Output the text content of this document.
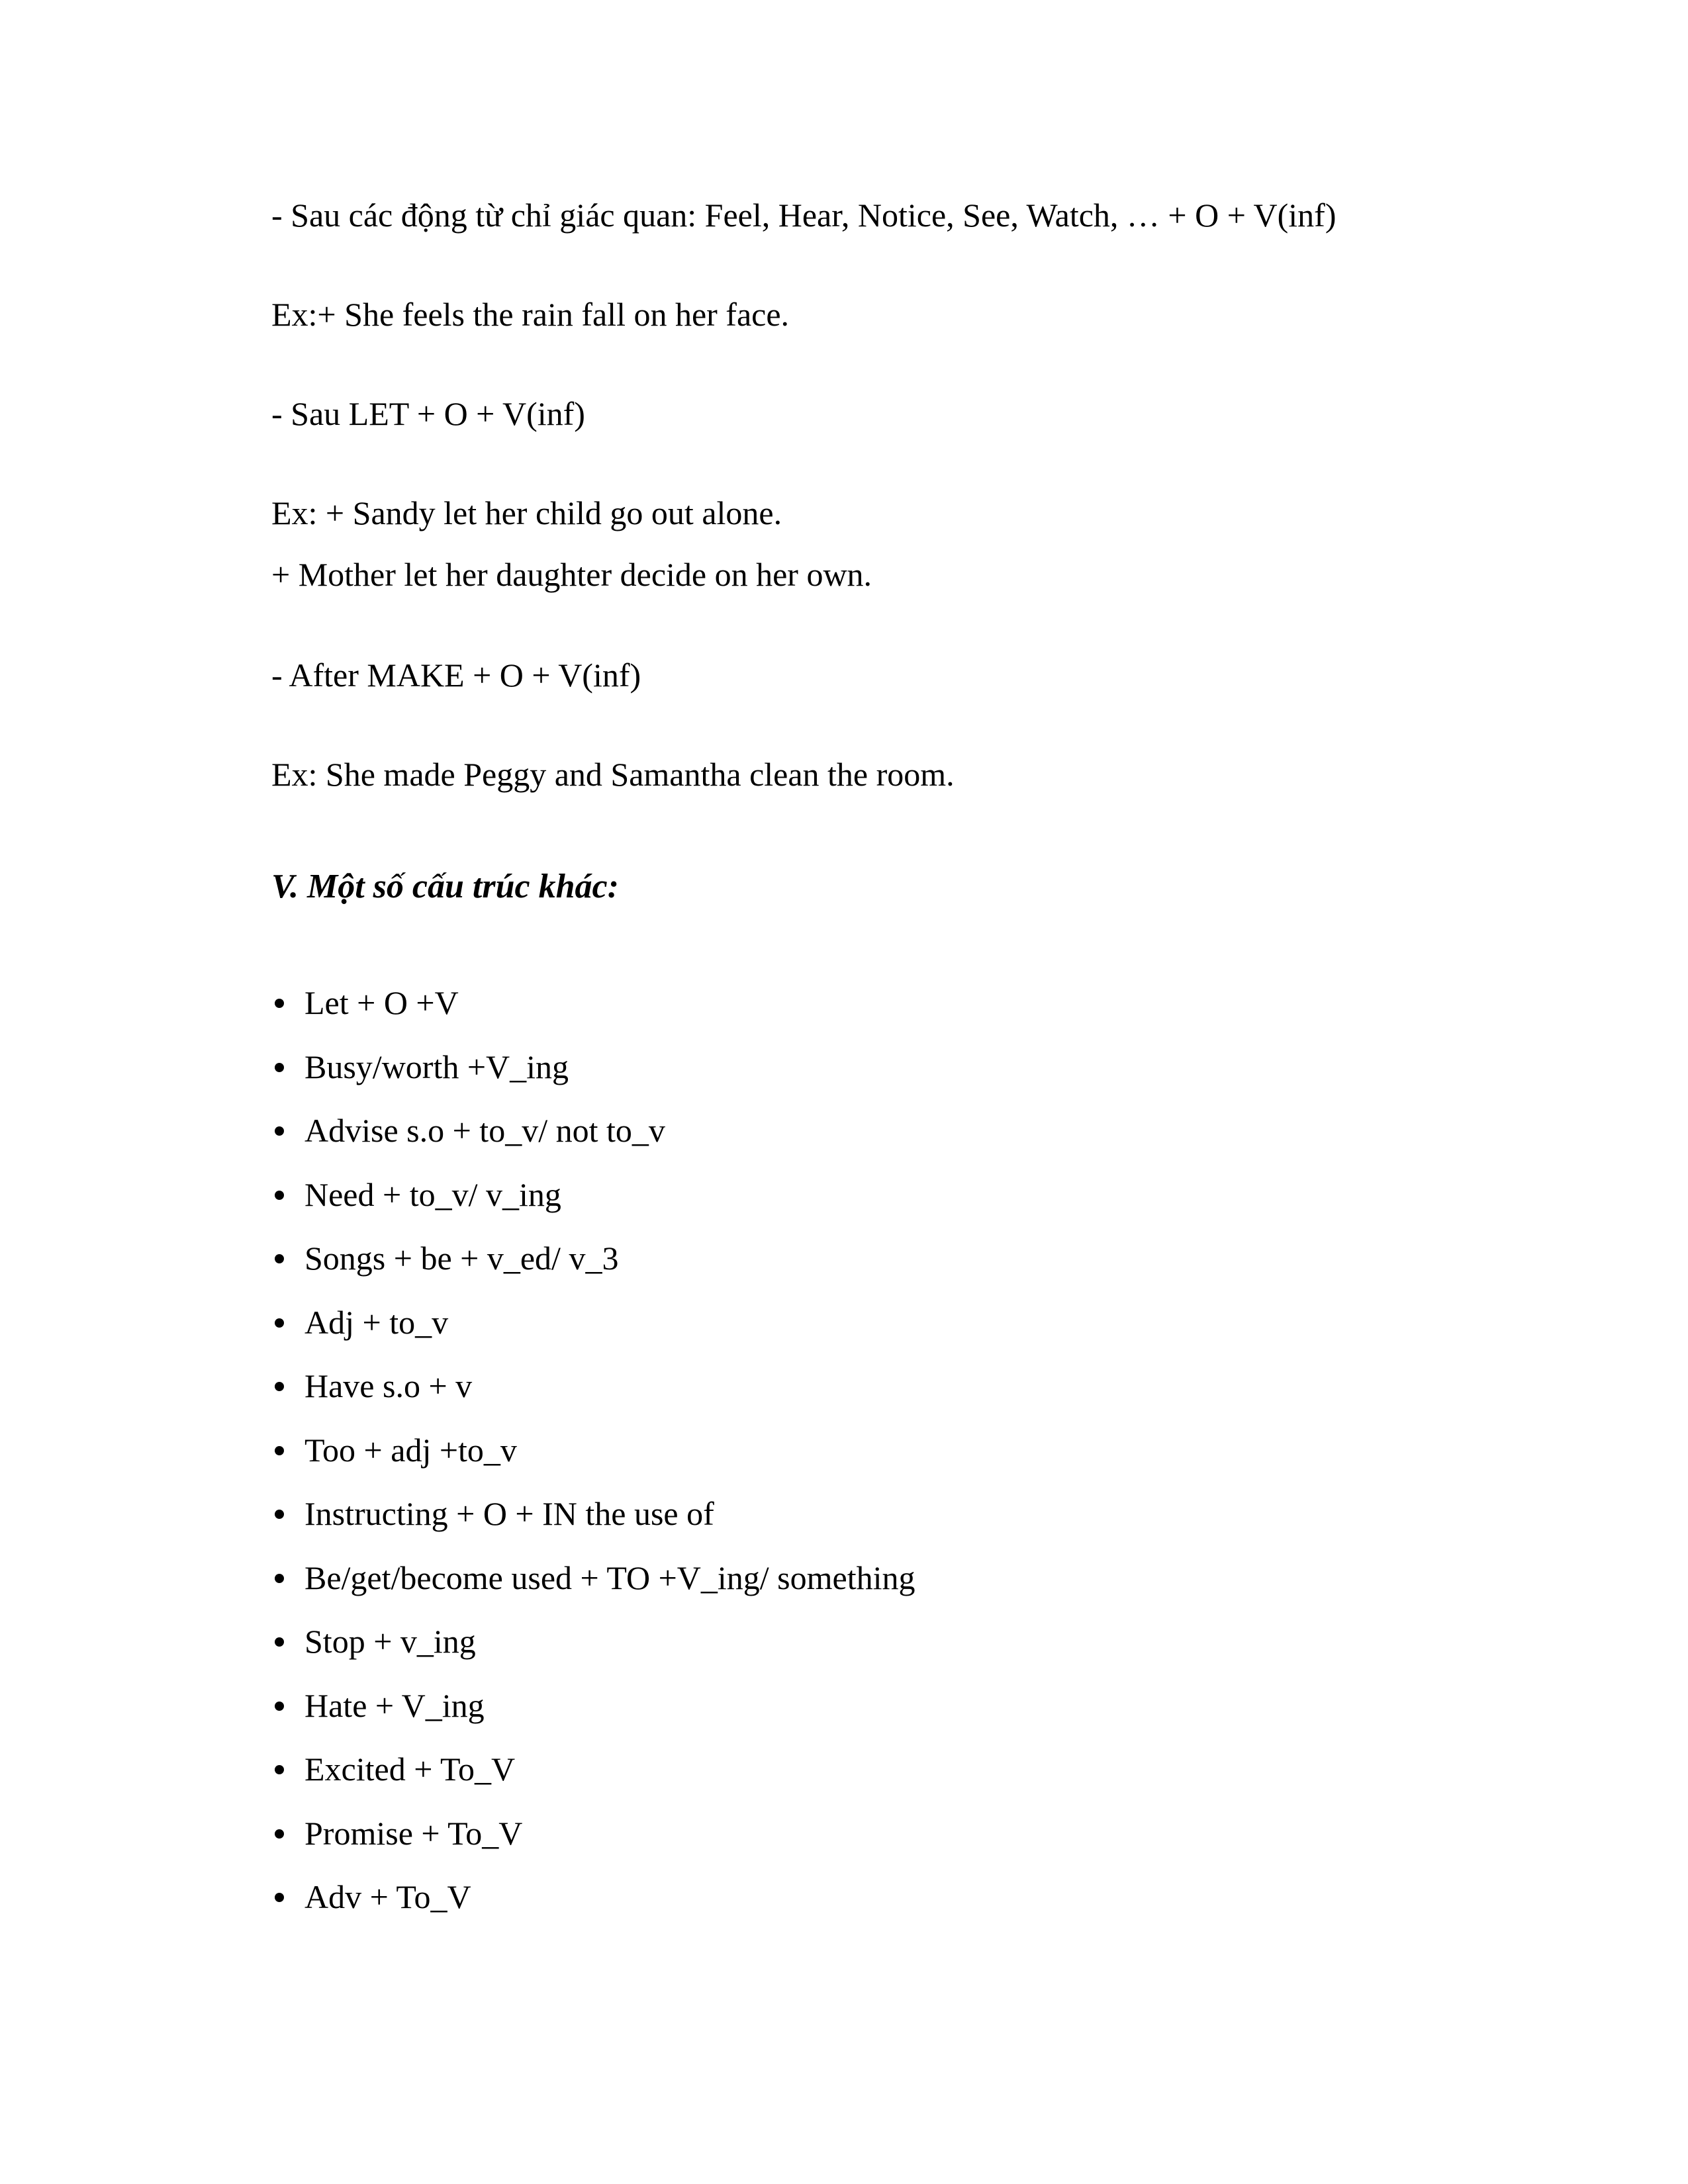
- Sau các động từ chỉ giác quan: Feel, Hear, Notice, See, Watch, … + O + V(inf)
Ex:+ She feels the rain fall on her face.
- Sau LET + O + V(inf)
Ex: + Sandy let her child go out alone.
+ Mother let her daughter decide on her own.
- After MAKE + O + V(inf)
Ex: She made Peggy and Samantha clean the room.
V. Một số cấu trúc khác:
Let + O +V
Busy/worth +V_ing
Advise s.o + to_v/ not to_v
Need + to_v/ v_ing
Songs + be + v_ed/ v_3
Adj + to_v
Have s.o + v
Too + adj +to_v
Instructing + O + IN the use of
Be/get/become used + TO +V_ing/ something
Stop + v_ing
Hate + V_ing
Excited + To_V
Promise + To_V
Adv + To_V
